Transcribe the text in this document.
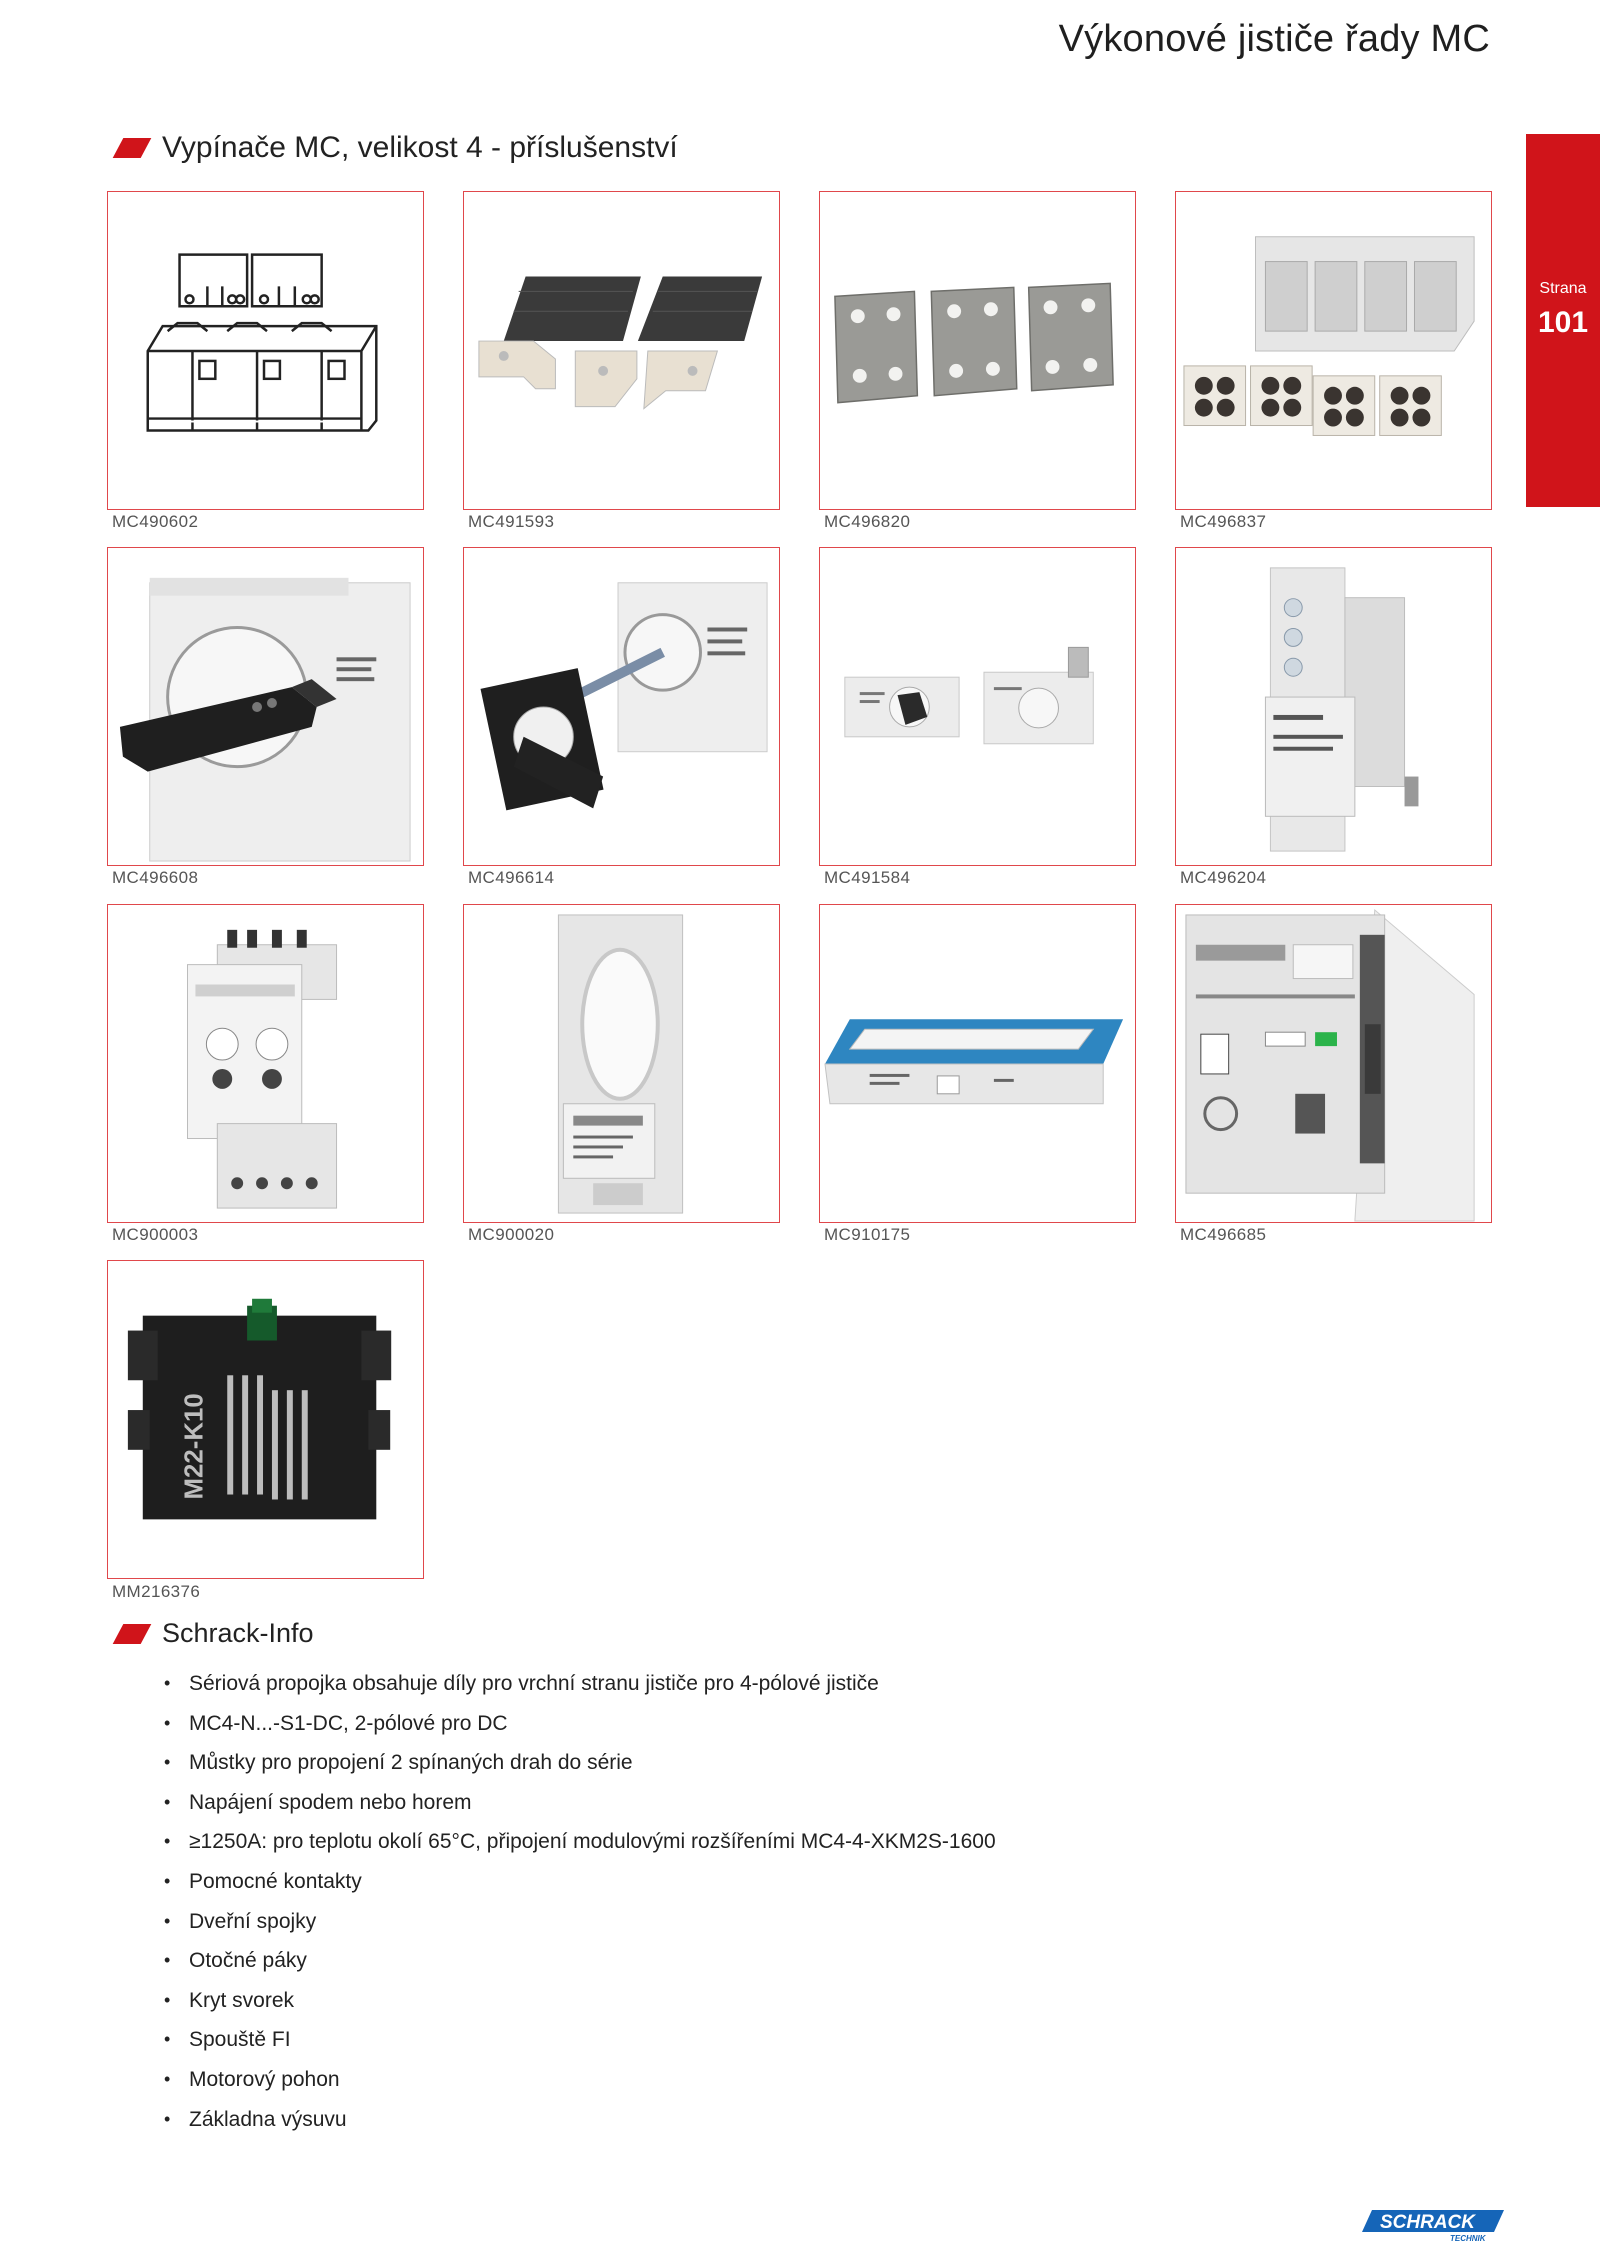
Výkonové jističe řady MC
Strana
101
Vypínače MC, velikost 4 - příslušenství
MC490602	MC491593	MC496820	MC496837
MC496608	MC496614	MC491584	MC496204
MC900003	MC900020	MC910175	MC496685
M22-K10
MM216376
Schrack-Info
• Sériová propojka obsahuje díly pro vrchní stranu jističe pro 4-pólové jističe
• MC4-N...-S1-DC, 2-pólové pro DC
• Můstky pro propojení 2 spínaných drah do série
• Napájení spodem nebo horem
• ≥1250A: pro teplotu okolí 65°C, připojení modulovými rozšířeními MC4-4-XKM2S-1600
• Pomocné kontakty
• Dveřní spojky
• Otočné páky
• Kryt svorek
• Spouště FI
• Motorový pohon
• Základna výsuvu
SCHRACK
TECHNIK
